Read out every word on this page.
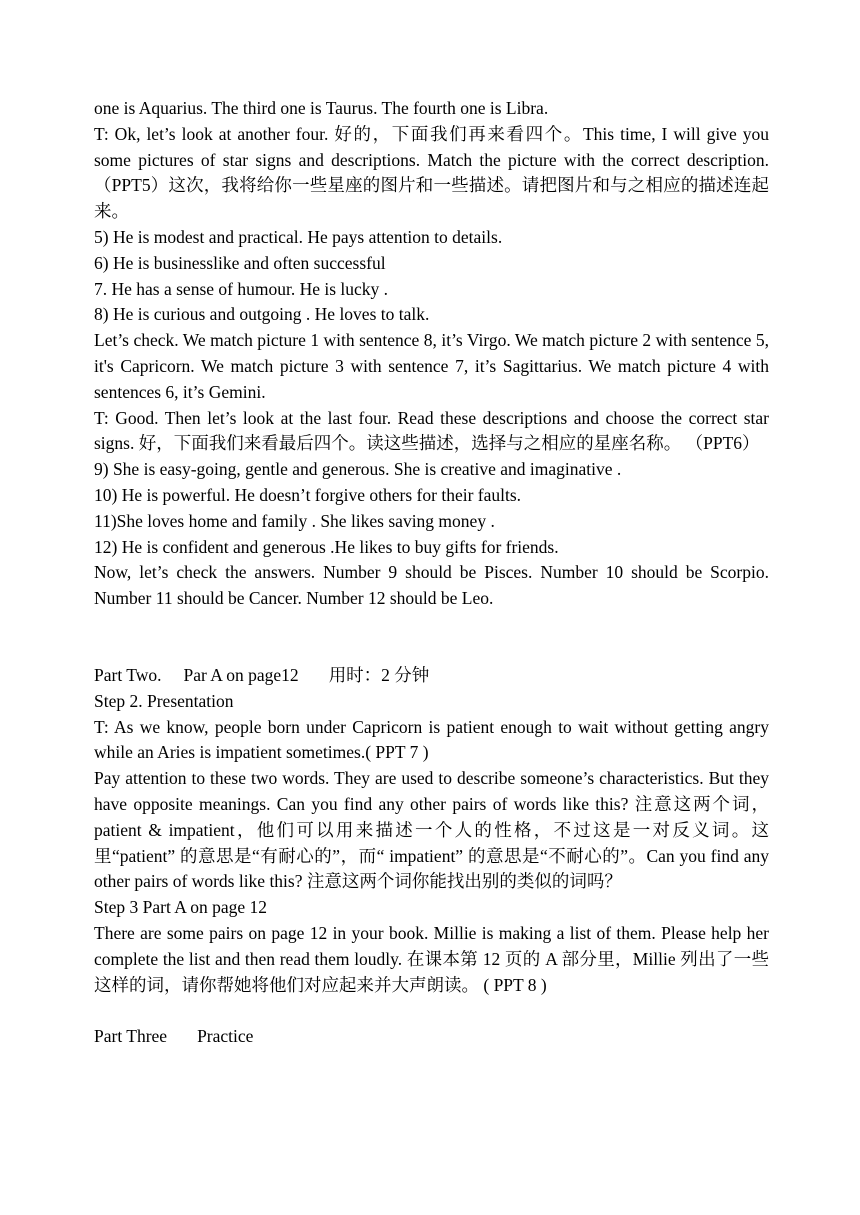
one is Aquarius. The third one is Taurus. The fourth one is Libra.

T: Ok, let’s look at another four. 好的，下面我们再来看四个。This time, I will give you some pictures of star signs and descriptions. Match the picture with the correct description. （PPT5）这次，我将给你一些星座的图片和一些描述。请把图片和与之相应的描述连起来。

5) He is modest and practical. He pays attention to details.

6) He is businesslike and often successful

7. He has a sense of humour. He is lucky .

8) He is curious and outgoing . He loves to talk.

Let’s check. We match picture 1 with sentence 8, it’s Virgo. We match picture 2 with sentence 5, it's Capricorn. We match picture 3 with sentence 7, it’s Sagittarius. We match picture 4 with sentences 6, it’s Gemini.

T: Good. Then let’s look at the last four. Read these descriptions and choose the correct star signs. 好，下面我们来看最后四个。读这些描述，选择与之相应的星座名称。 （PPT6）

9) She is easy-going, gentle and generous. She is creative and imaginative .

10) He is powerful. He doesn’t forgive others for their faults.

11)She loves home and family . She likes saving money .

12) He is confident and generous .He likes to buy gifts for friends.

Now, let’s check the answers. Number 9 should be Pisces. Number 10 should be Scorpio. Number 11 should be Cancer. Number 12 should be Leo.

Part Two. Par A on page12 用时：2 分钟

Step 2. Presentation

T: As we know, people born under Capricorn is patient enough to wait without getting angry while an Aries is impatient sometimes.( PPT 7 )

Pay attention to these two words. They are used to describe someone’s characteristics. But they have opposite meanings. Can you find any other pairs of words like this? 注意这两个词，patient & impatient，他们可以用来描述一个人的性格，不过这是一对反义词。这里“patient” 的意思是“有耐心的”，而“ impatient” 的意思是“不耐心的”。Can you find any other pairs of words like this? 注意这两个词你能找出别的类似的词吗？

Step 3 Part A on page 12

There are some pairs on page 12 in your book. Millie is making a list of them. Please help her complete the list and then read them loudly. 在课本第 12 页的 A 部分里，Millie 列出了一些这样的词，请你帮她将他们对应起来并大声朗读。 ( PPT 8 )

Part Three Practice
